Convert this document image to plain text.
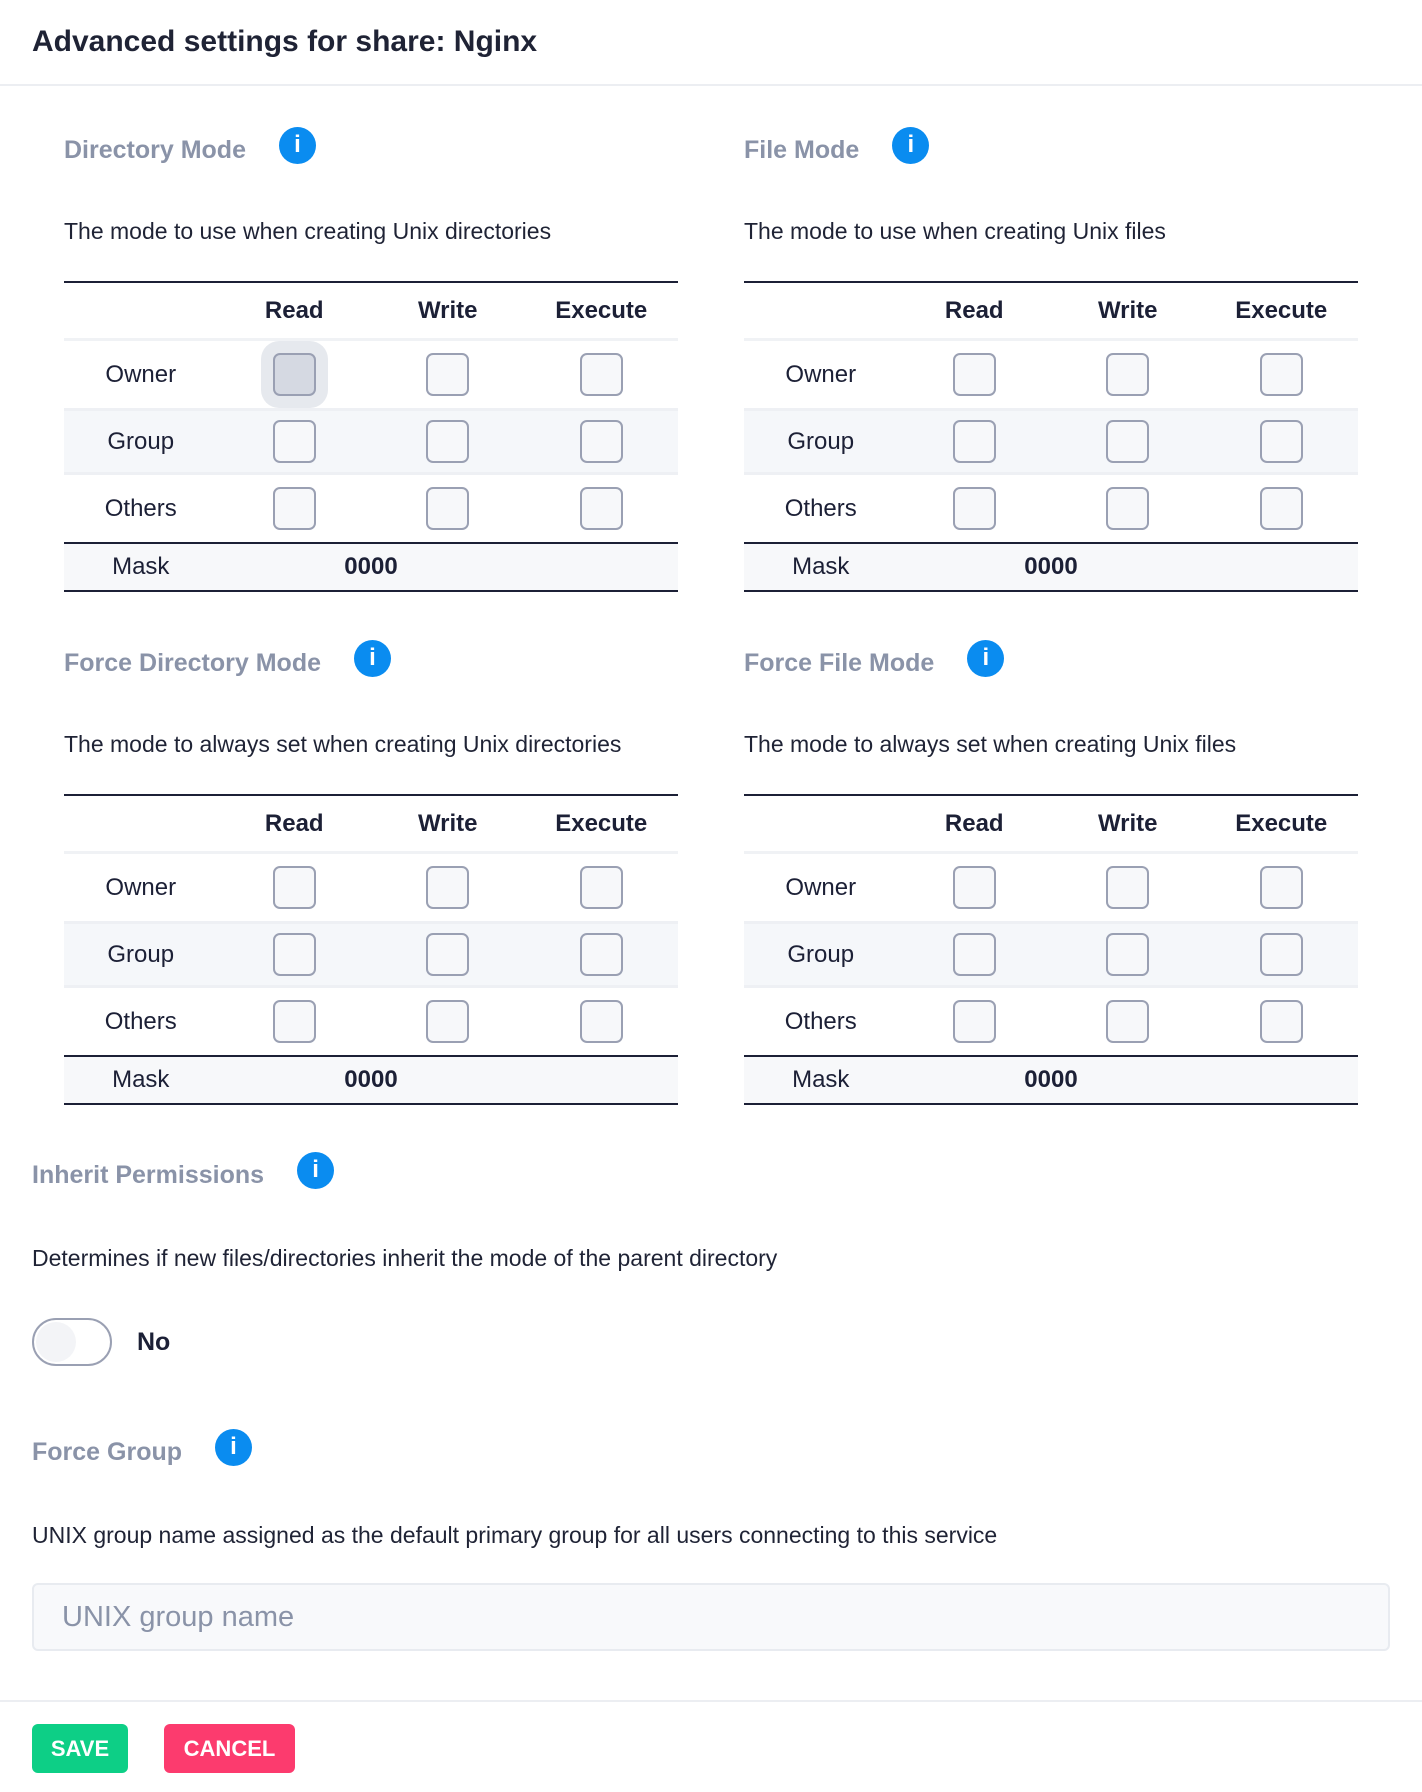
Advanced settings for share: Nginx
Directory Mode	i
The mode to use when creating Unix directories
Read	Write	Execute
Owner
Group
Others
Mask	0000
File Mode	i
The mode to use when creating Unix files
Read	Write	Execute
Owner
Group
Others
Mask	0000
Force Directory Mode	i
The mode to always set when creating Unix directories
Read	Write	Execute
Owner
Group
Others
Mask	0000
Force File Mode	i
The mode to always set when creating Unix files
Read	Write	Execute
Owner
Group
Others
Mask	0000
Inherit Permissions	i
Determines if new files/directories inherit the mode of the parent directory
No
Force Group	i
UNIX group name assigned as the default primary group for all users connecting to this service
UNIX group name
SAVE	CANCEL
